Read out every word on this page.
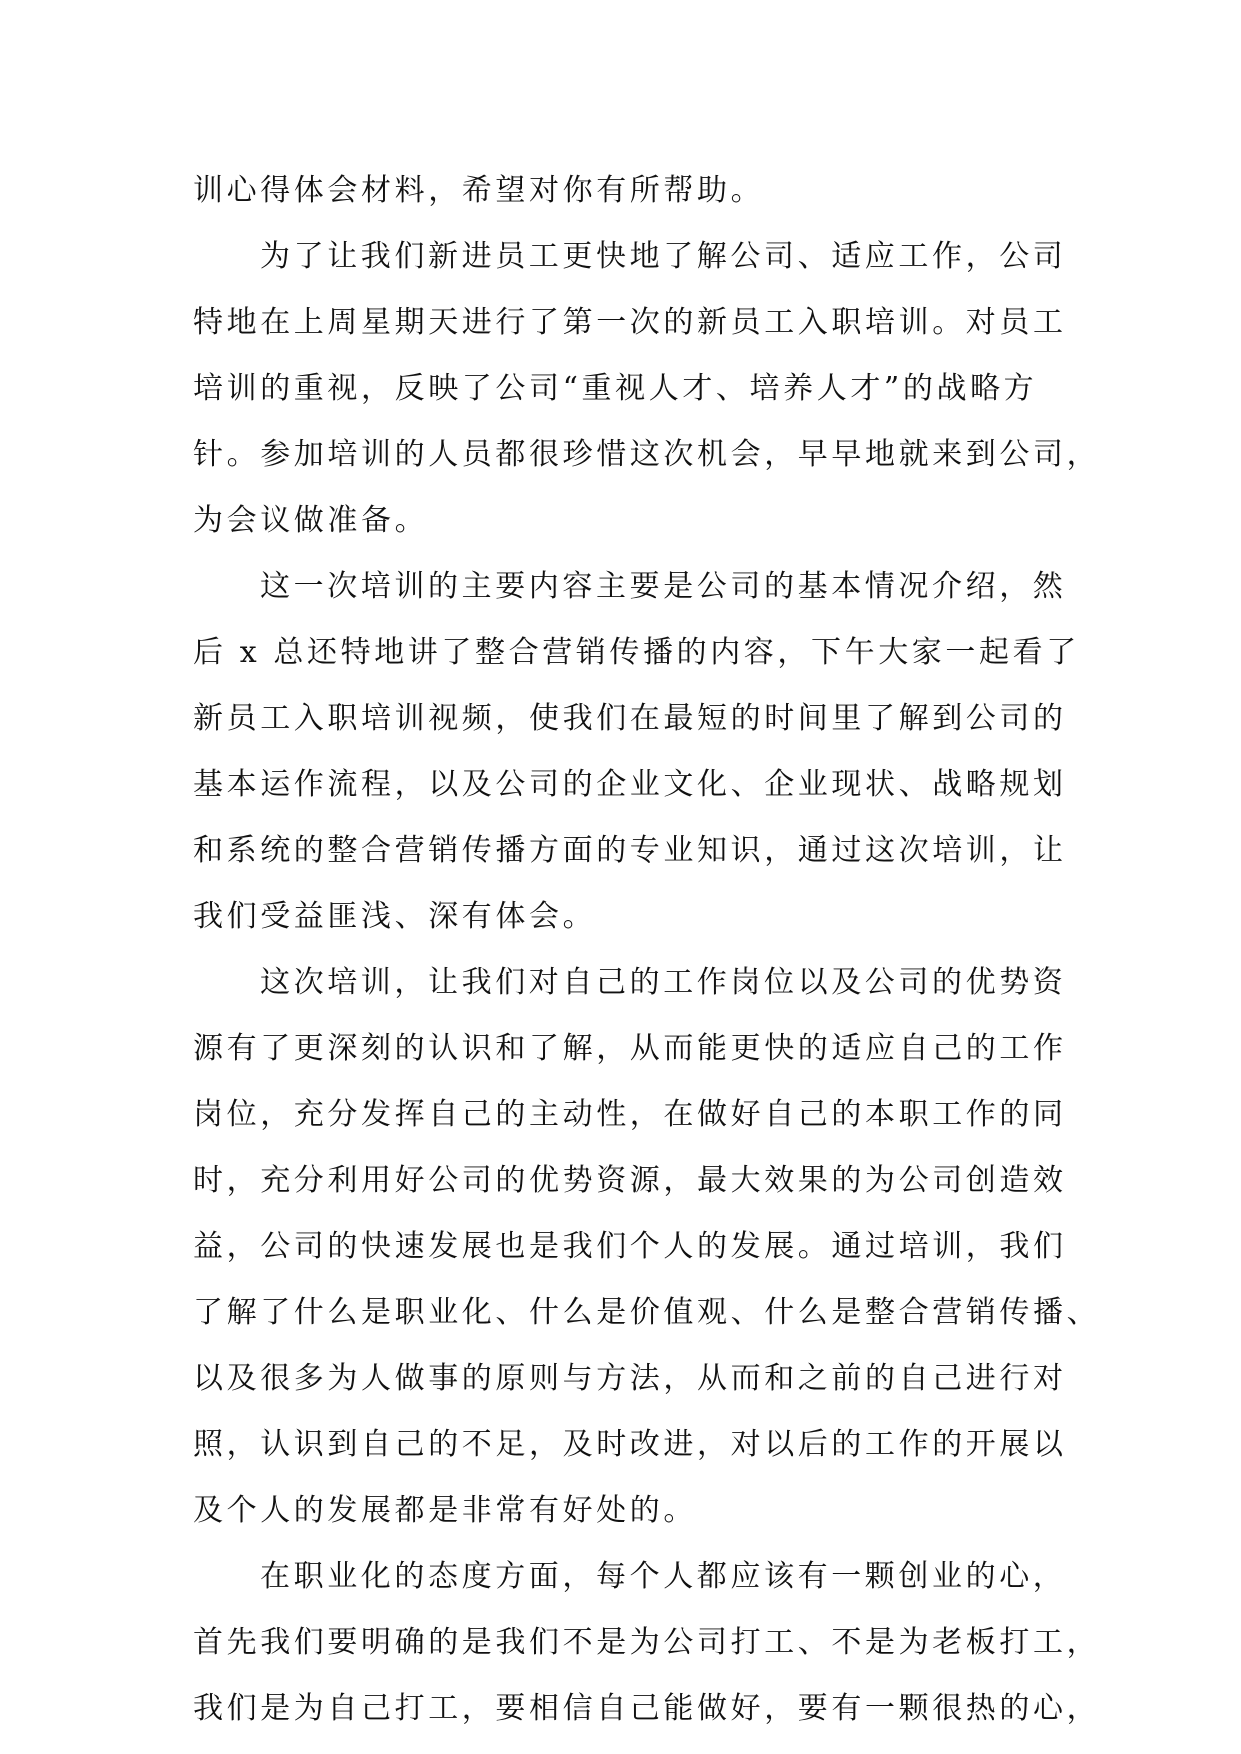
训心得体会材料，希望对你有所帮助。
为了让我们新进员工更快地了解公司、适应工作，公司
特地在上周星期天进行了第一次的新员工入职培训。对员工
培训的重视，反映了公司“重视人才、培养人才”的战略方
针。参加培训的人员都很珍惜这次机会，早早地就来到公司，
为会议做准备。
这一次培训的主要内容主要是公司的基本情况介绍，然
后 x 总还特地讲了整合营销传播的内容，下午大家一起看了
新员工入职培训视频，使我们在最短的时间里了解到公司的
基本运作流程，以及公司的企业文化、企业现状、战略规划
和系统的整合营销传播方面的专业知识，通过这次培训，让
我们受益匪浅、深有体会。
这次培训，让我们对自己的工作岗位以及公司的优势资
源有了更深刻的认识和了解，从而能更快的适应自己的工作
岗位，充分发挥自己的主动性，在做好自己的本职工作的同
时，充分利用好公司的优势资源，最大效果的为公司创造效
益，公司的快速发展也是我们个人的发展。通过培训，我们
了解了什么是职业化、什么是价值观、什么是整合营销传播、
以及很多为人做事的原则与方法，从而和之前的自己进行对
照，认识到自己的不足，及时改进，对以后的工作的开展以
及个人的发展都是非常有好处的。
在职业化的态度方面，每个人都应该有一颗创业的心，
首先我们要明确的是我们不是为公司打工、不是为老板打工，
我们是为自己打工，要相信自己能做好，要有一颗很热的心，
